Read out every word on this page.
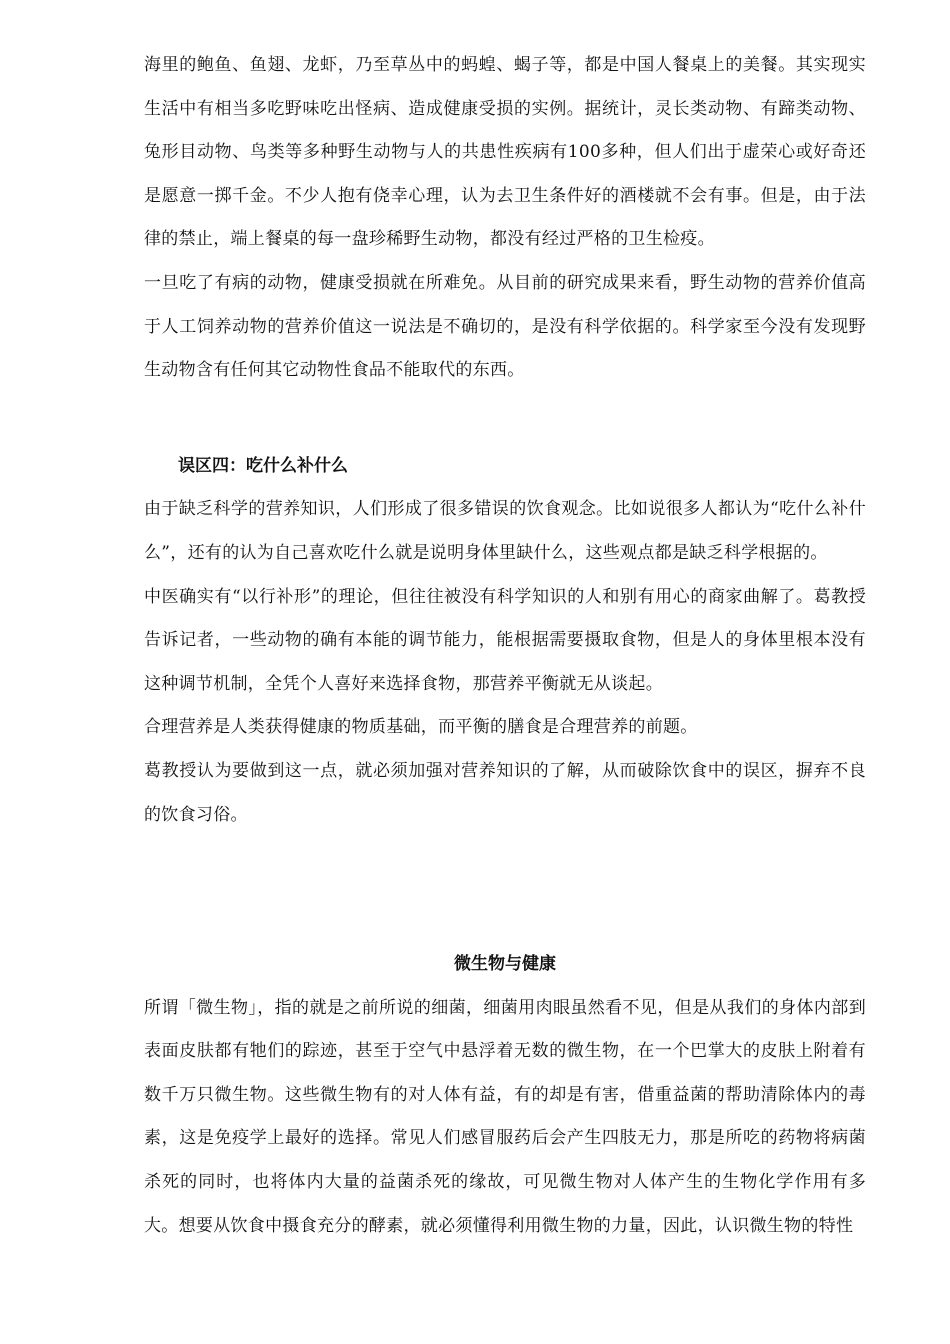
海里的鲍鱼、鱼翅、龙虾，乃至草丛中的蚂蝗、蝎子等，都是中国人餐桌上的美餐。其实现实生活中有相当多吃野味吃出怪病、造成健康受损的实例。据统计，灵长类动物、有蹄类动物、兔形目动物、鸟类等多种野生动物与人的共患性疾病有100多种，但人们出于虚荣心或好奇还是愿意一掷千金。不少人抱有侥幸心理，认为去卫生条件好的酒楼就不会有事。但是，由于法律的禁止，端上餐桌的每一盘珍稀野生动物，都没有经过严格的卫生检疫。

一旦吃了有病的动物，健康受损就在所难免。从目前的研究成果来看，野生动物的营养价值高于人工饲养动物的营养价值这一说法是不确切的，是没有科学依据的。科学家至今没有发现野生动物含有任何其它动物性食品不能取代的东西。

误区四：吃什么补什么

由于缺乏科学的营养知识，人们形成了很多错误的饮食观念。比如说很多人都认为“吃什么补什么”，还有的认为自己喜欢吃什么就是说明身体里缺什么，这些观点都是缺乏科学根据的。

中医确实有“以行补形”的理论，但往往被没有科学知识的人和别有用心的商家曲解了。葛教授告诉记者，一些动物的确有本能的调节能力，能根据需要摄取食物，但是人的身体里根本没有这种调节机制，全凭个人喜好来选择食物，那营养平衡就无从谈起。

合理营养是人类获得健康的物质基础，而平衡的膳食是合理营养的前题。

葛教授认为要做到这一点，就必须加强对营养知识的了解，从而破除饮食中的误区，摒弃不良的饮食习俗。

微生物与健康

所谓「微生物」，指的就是之前所说的细菌，细菌用肉眼虽然看不见，但是从我们的身体内部到表面皮肤都有牠们的踪迹，甚至于空气中悬浮着无数的微生物，在一个巴掌大的皮肤上附着有数千万只微生物。这些微生物有的对人体有益，有的却是有害，借重益菌的帮助清除体内的毒素，这是免疫学上最好的选择。常见人们感冒服药后会产生四肢无力，那是所吃的药物将病菌杀死的同时，也将体内大量的益菌杀死的缘故，可见微生物对人体产生的生物化学作用有多大。想要从饮食中摄食充分的酵素，就必须懂得利用微生物的力量，因此，认识微生物的特性
